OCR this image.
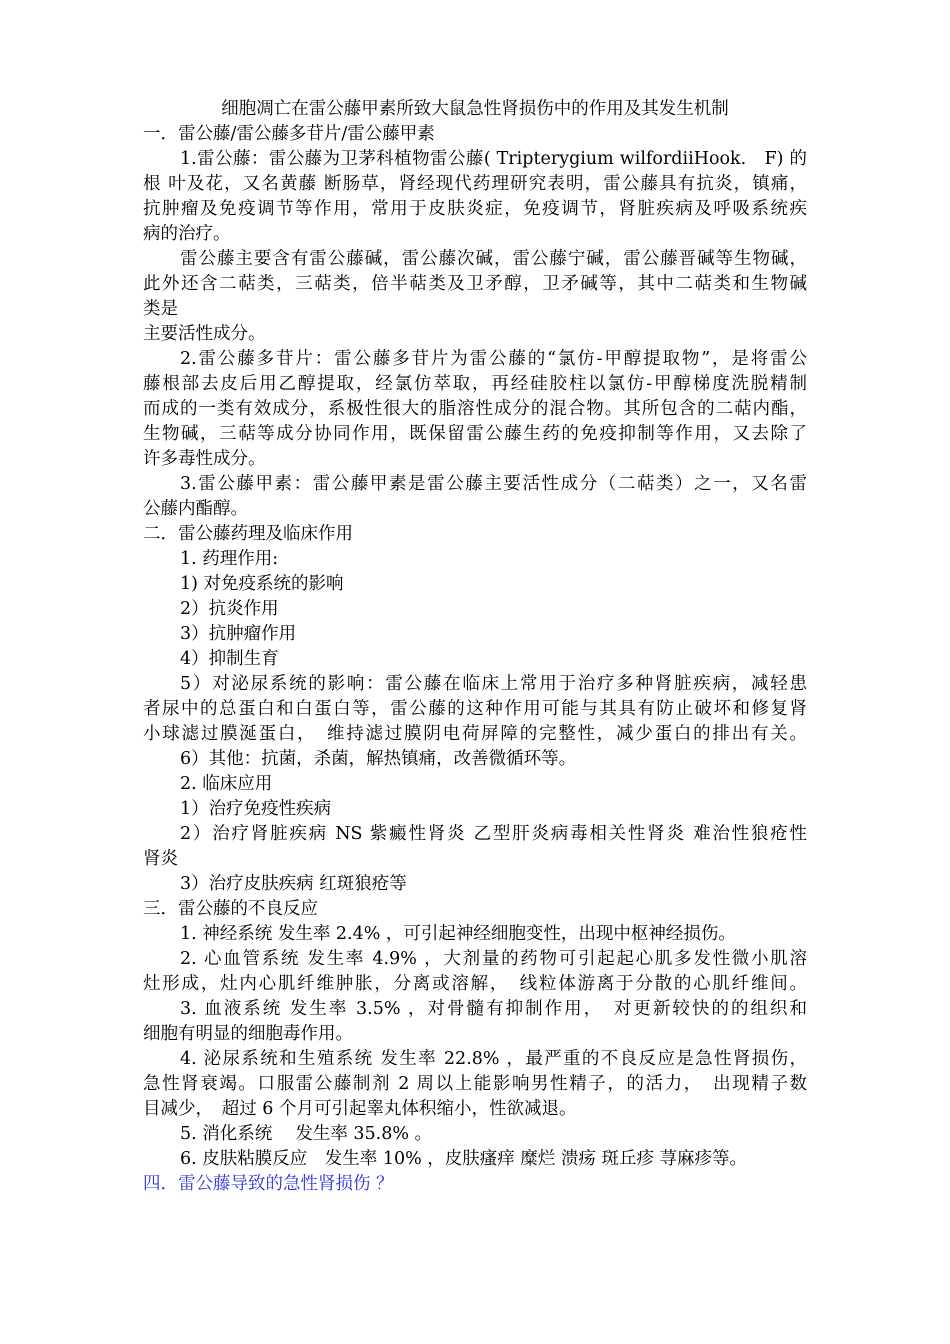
细胞凋亡在雷公藤甲素所致大鼠急性肾损伤中的作用及其发生机制
一．雷公藤/雷公藤多苷片/雷公藤甲素
1.雷公藤：雷公藤为卫茅科植物雷公藤( Tripterygium wilfordiiHook.　F) 的
根 叶及花，又名黄藤 断肠草，肾经现代药理研究表明，雷公藤具有抗炎，镇痛，
抗肿瘤及免疫调节等作用，常用于皮肤炎症，免疫调节，肾脏疾病及呼吸系统疾
病的治疗。
雷公藤主要含有雷公藤碱，雷公藤次碱，雷公藤宁碱，雷公藤晋碱等生物碱，
此外还含二萜类，三萜类，倍半萜类及卫矛醇，卫矛碱等，其中二萜类和生物碱
类是
主要活性成分。
2.雷公藤多苷片：雷公藤多苷片为雷公藤的“氯仿-甲醇提取物”，是将雷公
藤根部去皮后用乙醇提取，经氯仿萃取，再经硅胶柱以氯仿-甲醇梯度洗脱精制
而成的一类有效成分，系极性很大的脂溶性成分的混合物。其所包含的二萜内酯，
生物碱，三萜等成分协同作用，既保留雷公藤生药的免疫抑制等作用，又去除了
许多毒性成分。
3.雷公藤甲素：雷公藤甲素是雷公藤主要活性成分（二萜类）之一，又名雷
公藤内酯醇。
二．雷公藤药理及临床作用
1. 药理作用:
1) 对免疫系统的影响
2）抗炎作用
3）抗肿瘤作用
4）抑制生育
5）对泌尿系统的影响：雷公藤在临床上常用于治疗多种肾脏疾病，减轻患
者尿中的总蛋白和白蛋白等，雷公藤的这种作用可能与其具有防止破坏和修复肾
小球滤过膜涎蛋白，　维持滤过膜阴电荷屏障的完整性，减少蛋白的排出有关。
6）其他：抗菌，杀菌，解热镇痛，改善微循环等。
2. 临床应用
1）治疗免疫性疾病
2）治疗肾脏疾病 NS 紫癜性肾炎 乙型肝炎病毒相关性肾炎 难治性狼疮性
肾炎
3）治疗皮肤疾病 红斑狼疮等
三．雷公藤的不良反应
1. 神经系统 发生率 2.4% ，可引起神经细胞变性，出现中枢神经损伤。
2. 心血管系统 发生率 4.9% ，大剂量的药物可引起起心肌多发性微小肌溶
灶形成，灶内心肌纤维肿胀，分离或溶解，　线粒体游离于分散的心肌纤维间。
3. 血液系统 发生率 3.5% ，对骨髓有抑制作用，　对更新较快的的组织和
细胞有明显的细胞毒作用。
4. 泌尿系统和生殖系统 发生率 22.8% ，最严重的不良反应是急性肾损伤，
急性肾衰竭。口服雷公藤制剂 2 周以上能影响男性精子，的活力，　出现精子数
目减少，　超过 6 个月可引起睾丸体积缩小，性欲减退。
5. 消化系统　 发生率 35.8% 。
6. 皮肤粘膜反应　发生率 10% ，皮肤瘙痒 糜烂 溃疡 斑丘疹 荨麻疹等。
四．雷公藤导致的急性肾损伤 ？
